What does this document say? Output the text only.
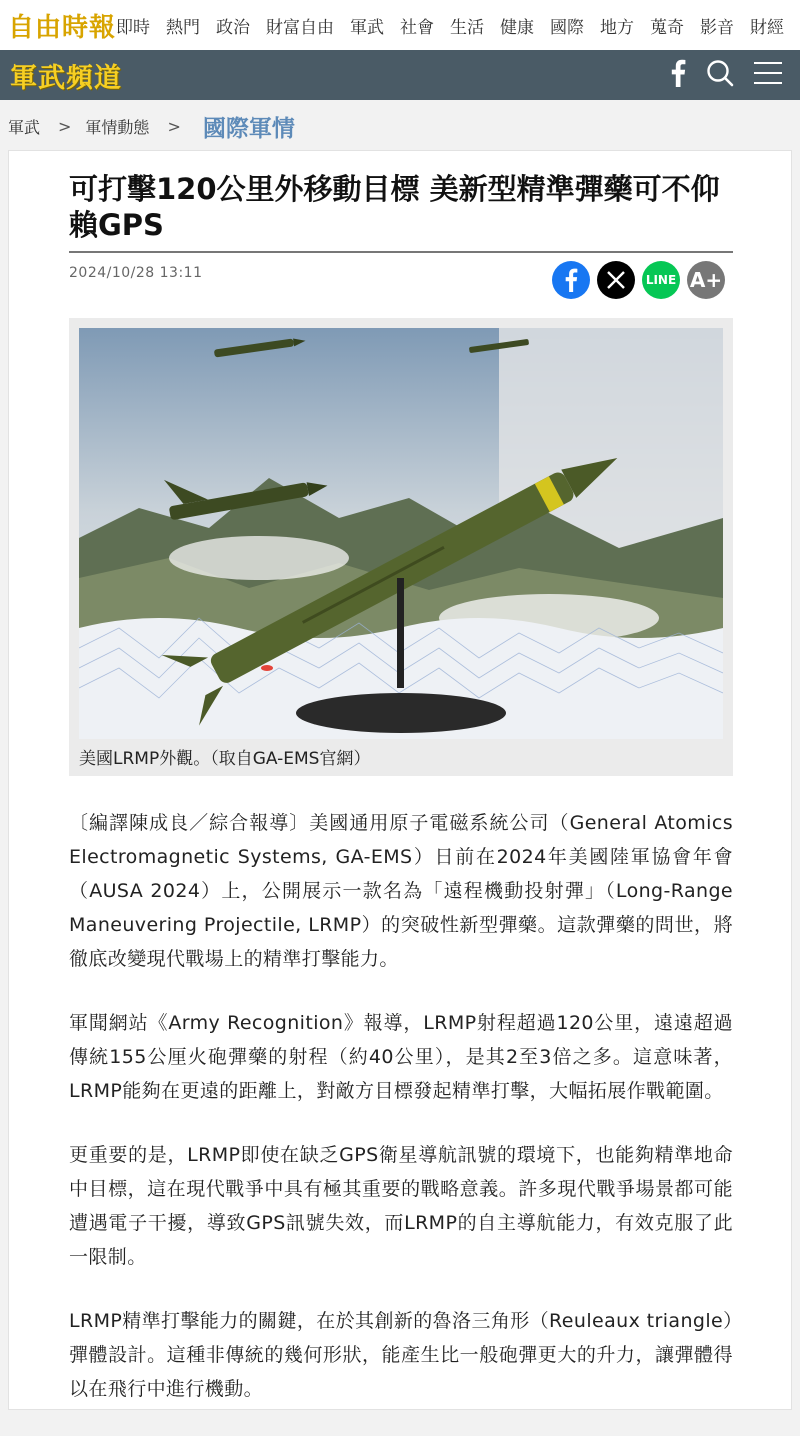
自由時報 即時 熱門 政治 財富自由 軍武 社會 生活 健康 國際 地方 蒐奇 影音 財經
軍武頻道
軍武 > 軍情動態 > 國際軍情
可打擊120公里外移動目標 美新型精準彈藥可不仰賴GPS
2024/10/28 13:11	LINE A+
美國LRMP外觀。（取自GA-EMS官網）

〔編譯陳成良／綜合報導〕美國通用原子電磁系統公司（General Atomics Electromagnetic Systems, GA-EMS）日前在2024年美國陸軍協會年會（AUSA 2024）上，公開展示一款名為「遠程機動投射彈」（Long-Range Maneuvering Projectile, LRMP）的突破性新型彈藥。這款彈藥的問世，將徹底改變現代戰場上的精準打擊能力。

軍聞網站《Army Recognition》報導，LRMP射程超過120公里，遠遠超過傳統155公厘火砲彈藥的射程（約40公里），是其2至3倍之多。這意味著，LRMP能夠在更遠的距離上，對敵方目標發起精準打擊，大幅拓展作戰範圍。

更重要的是，LRMP即使在缺乏GPS衛星導航訊號的環境下，也能夠精準地命中目標，這在現代戰爭中具有極其重要的戰略意義。許多現代戰爭場景都可能遭遇電子干擾，導致GPS訊號失效，而LRMP的自主導航能力，有效克服了此一限制。

LRMP精準打擊能力的關鍵，在於其創新的魯洛三角形（Reuleaux triangle）彈體設計。這種非傳統的幾何形狀，能產生比一般砲彈更大的升力，讓彈體得以在飛行中進行機動。
